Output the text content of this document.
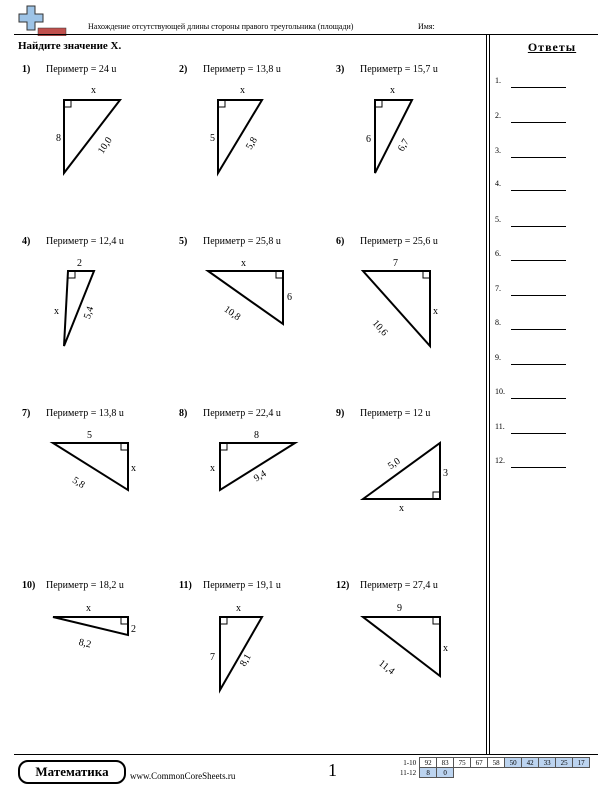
Нахождение отсутствующей длины стороны правого треугольника (площади)	Имя:
Найдите значение X.	Ответы
1.
2.
3.
4.
5.
6.
7.
8.
9.
10.
11.
12.
1) Периметр = 24 u
x
8	10,0
2) Периметр = 13,8 u
x
5	5,8
3) Периметр = 15,7 u
x
6	6,7
4) Периметр = 12,4 u
2
x 5,4
5) Периметр = 25,8 u
x
6
10,8
6) Периметр = 25,6 u
7
x
10,6
7) Периметр = 13,8 u
5
x
5,8
8) Периметр = 22,4 u
8
x	9,4
9) Периметр = 12 u
5,0
3
x
10) Периметр = 18,2 u
x
2
8,2
11) Периметр = 19,1 u
x
7 8,1
12) Периметр = 27,4 u
9
x
11,4
Математика	www.CommonCoreSheets.ru	1	1-10	92	83	75	67	58	50	42	33	25	17
11-12	8	0								
